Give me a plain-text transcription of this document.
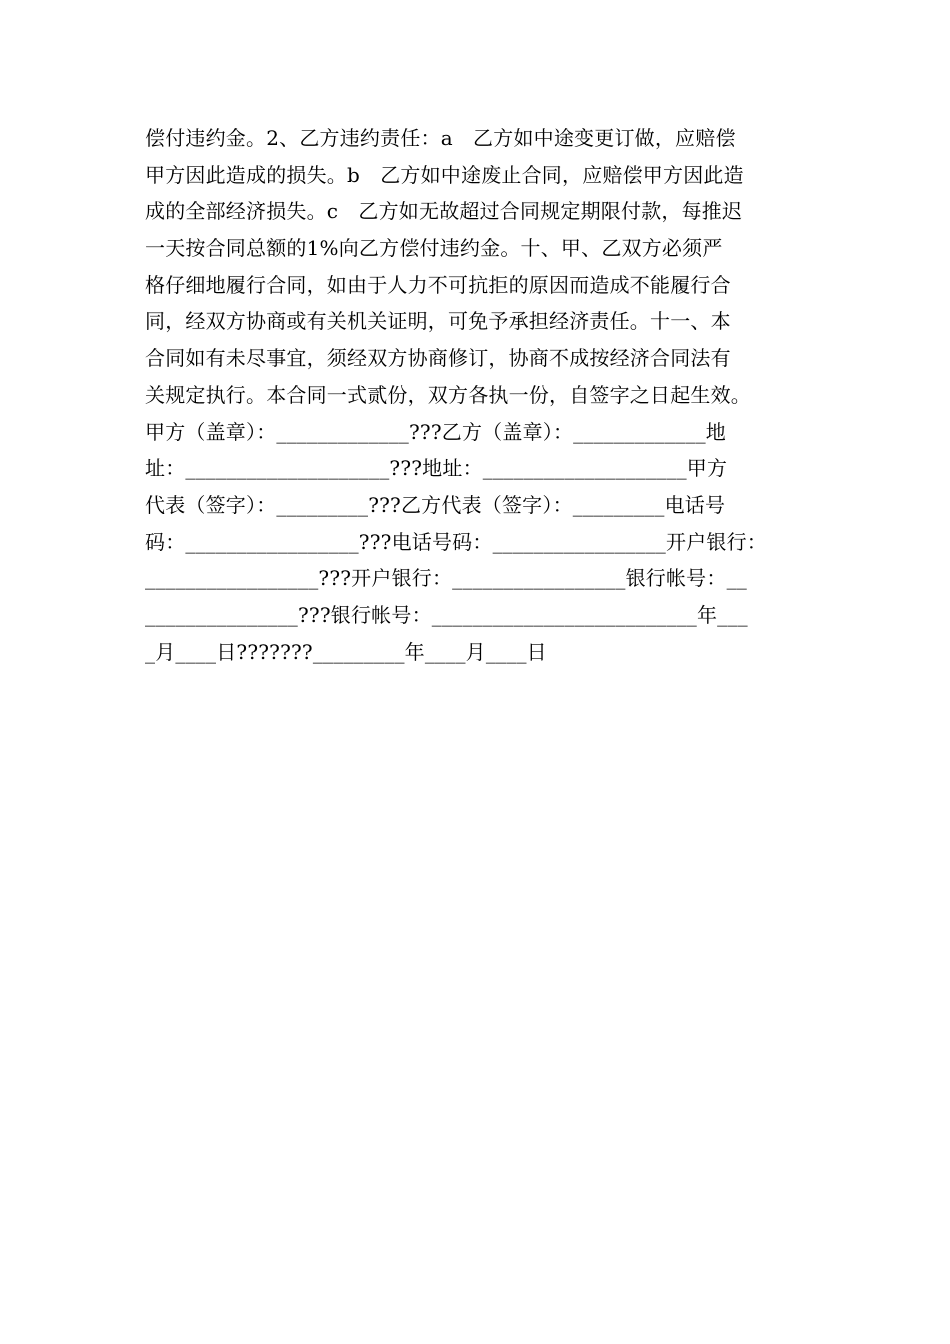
偿付违约金。2、乙方违约责任：a　乙方如中途变更订做，应赔偿
甲方因此造成的损失。b　乙方如中途废止合同，应赔偿甲方因此造
成的全部经济损失。c　乙方如无故超过合同规定期限付款，每推迟
一天按合同总额的1%向乙方偿付违约金。十、甲、乙双方必须严
格仔细地履行合同，如由于人力不可抗拒的原因而造成不能履行合
同，经双方协商或有关机关证明，可免予承担经济责任。十一、本
合同如有未尽事宜，须经双方协商修订，协商不成按经济合同法有
关规定执行。本合同一式贰份，双方各执一份，自签字之日起生效。
甲方（盖章）：_____________???乙方（盖章）：_____________地
址：____________________???地址：____________________甲方
代表（签字）：_________???乙方代表（签字）：_________电话号
码：_________________???电话号码：_________________开户银行：
_________________???开户银行：_________________银行帐号：__
_______________???银行帐号：__________________________年___
_月____日???????_________年____月____日
